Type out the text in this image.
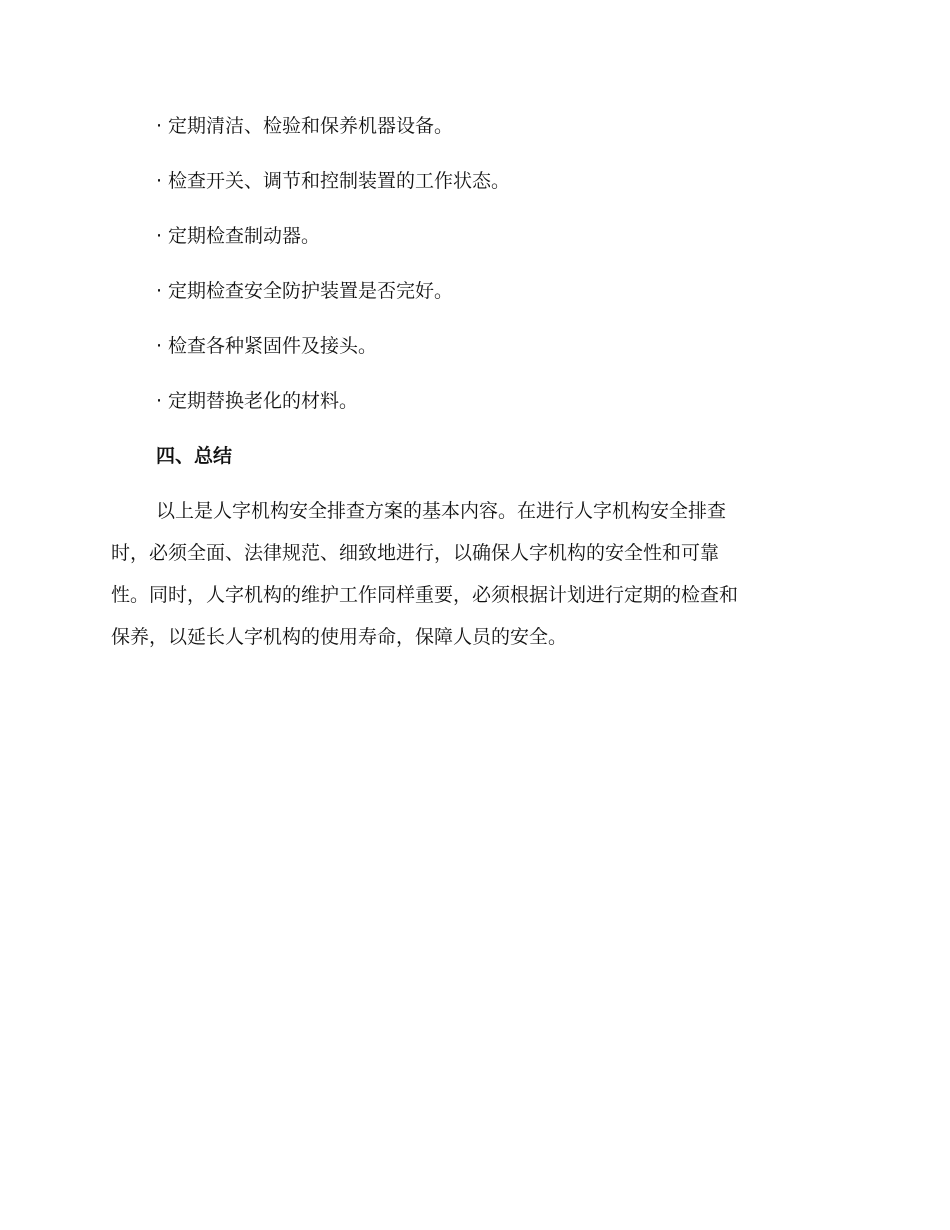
· 定期清洁、检验和保养机器设备。
· 检查开关、调节和控制装置的工作状态。
· 定期检查制动器。
· 定期检查安全防护装置是否完好。
· 检查各种紧固件及接头。
· 定期替换老化的材料。
四、总结
以上是人字机构安全排查方案的基本内容。在进行人字机构安全排查
时，必须全面、法律规范、细致地进行，以确保人字机构的安全性和可靠
性。同时，人字机构的维护工作同样重要，必须根据计划进行定期的检查和
保养，以延长人字机构的使用寿命，保障人员的安全。
